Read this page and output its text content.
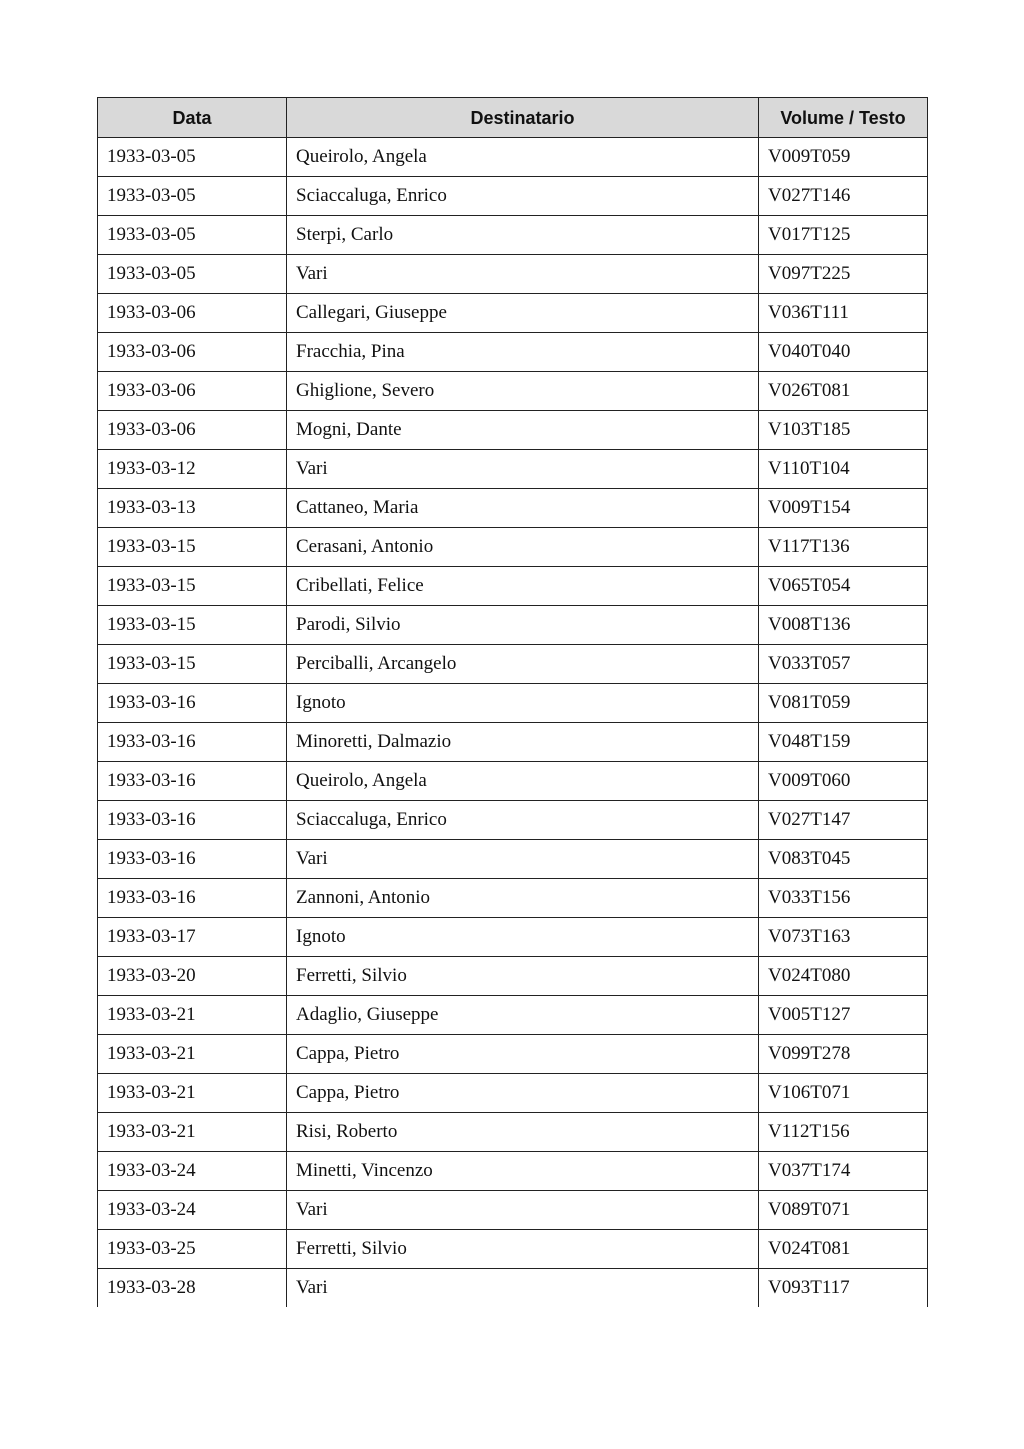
Data	Destinatario	Volume / Testo
1933-03-05	Queirolo, Angela	V009T059
1933-03-05	Sciaccaluga, Enrico	V027T146
1933-03-05	Sterpi, Carlo	V017T125
1933-03-05	Vari	V097T225
1933-03-06	Callegari, Giuseppe	V036T111
1933-03-06	Fracchia, Pina	V040T040
1933-03-06	Ghiglione, Severo	V026T081
1933-03-06	Mogni, Dante	V103T185
1933-03-12	Vari	V110T104
1933-03-13	Cattaneo, Maria	V009T154
1933-03-15	Cerasani, Antonio	V117T136
1933-03-15	Cribellati, Felice	V065T054
1933-03-15	Parodi, Silvio	V008T136
1933-03-15	Perciballi, Arcangelo	V033T057
1933-03-16	Ignoto	V081T059
1933-03-16	Minoretti, Dalmazio	V048T159
1933-03-16	Queirolo, Angela	V009T060
1933-03-16	Sciaccaluga, Enrico	V027T147
1933-03-16	Vari	V083T045
1933-03-16	Zannoni, Antonio	V033T156
1933-03-17	Ignoto	V073T163
1933-03-20	Ferretti, Silvio	V024T080
1933-03-21	Adaglio, Giuseppe	V005T127
1933-03-21	Cappa, Pietro	V099T278
1933-03-21	Cappa, Pietro	V106T071
1933-03-21	Risi, Roberto	V112T156
1933-03-24	Minetti, Vincenzo	V037T174
1933-03-24	Vari	V089T071
1933-03-25	Ferretti, Silvio	V024T081
1933-03-28	Vari	V093T117
